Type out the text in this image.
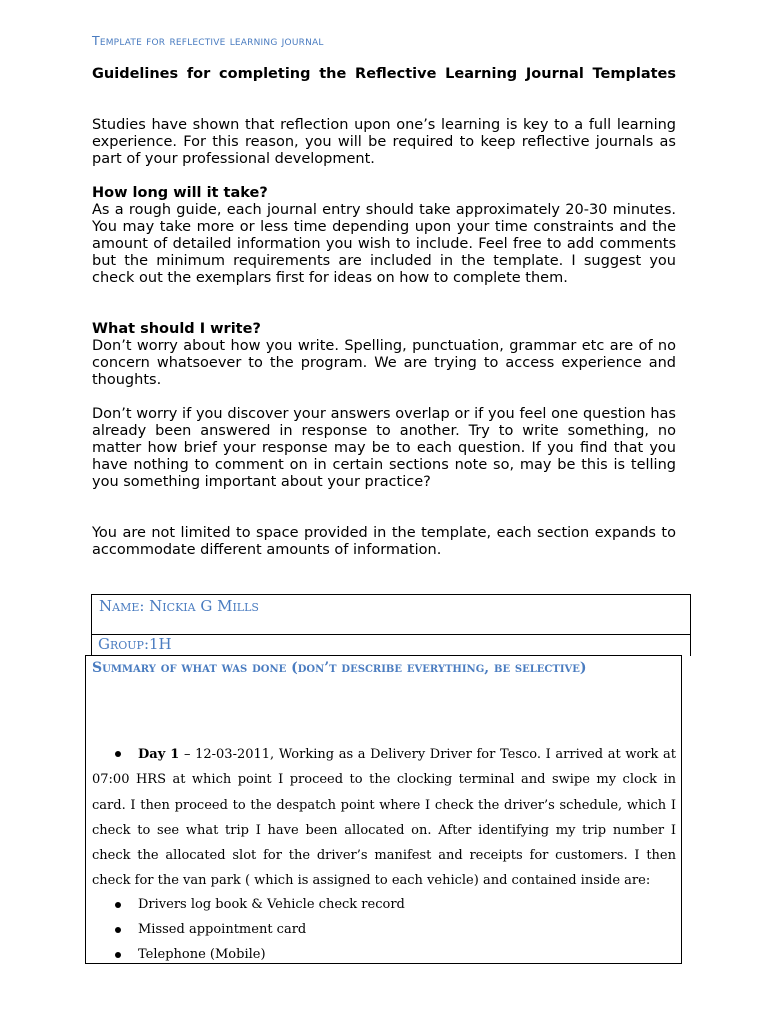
Template for reflective learning journal
Guidelines for completing the Reflective Learning Journal Templates
Studies have shown that reflection upon one’s learning is key to a full learning experience. For this reason, you will be required to keep reflective journals as part of your professional development.
How long will it take?
As a rough guide, each journal entry should take approximately 20-30 minutes. You may take more or less time depending upon your time constraints and the amount of detailed information you wish to include. Feel free to add comments but the minimum requirements are included in the template. I suggest you check out the exemplars first for ideas on how to complete them.
What should I write?
Don’t worry about how you write. Spelling, punctuation, grammar etc are of no concern whatsoever to the program. We are trying to access experience and thoughts.
Don’t worry if you discover your answers overlap or if you feel one question has already been answered in response to another. Try to write something, no matter how brief your response may be to each question. If you find that you have nothing to comment on in certain sections note so, may be this is telling you something important about your practice?
You are not limited to space provided in the template, each section expands to accommodate different amounts of information.
Name: Nickia G Mills
Group:1H
Summary of what was done (don’t describe everything, be selective)
Day 1 – 12-03-2011, Working as a Delivery Driver for Tesco. I arrived at work at 07:00 HRS at which point I proceed to the clocking terminal and swipe my clock in card. I then proceed to the despatch point where I check the driver’s schedule, which I check to see what trip I have been allocated on. After identifying my trip number I check the allocated slot for the driver’s manifest and receipts for customers. I then check for the van park ( which is assigned to each vehicle) and contained inside are:
Drivers log book & Vehicle check record
Missed appointment card
Telephone (Mobile)
